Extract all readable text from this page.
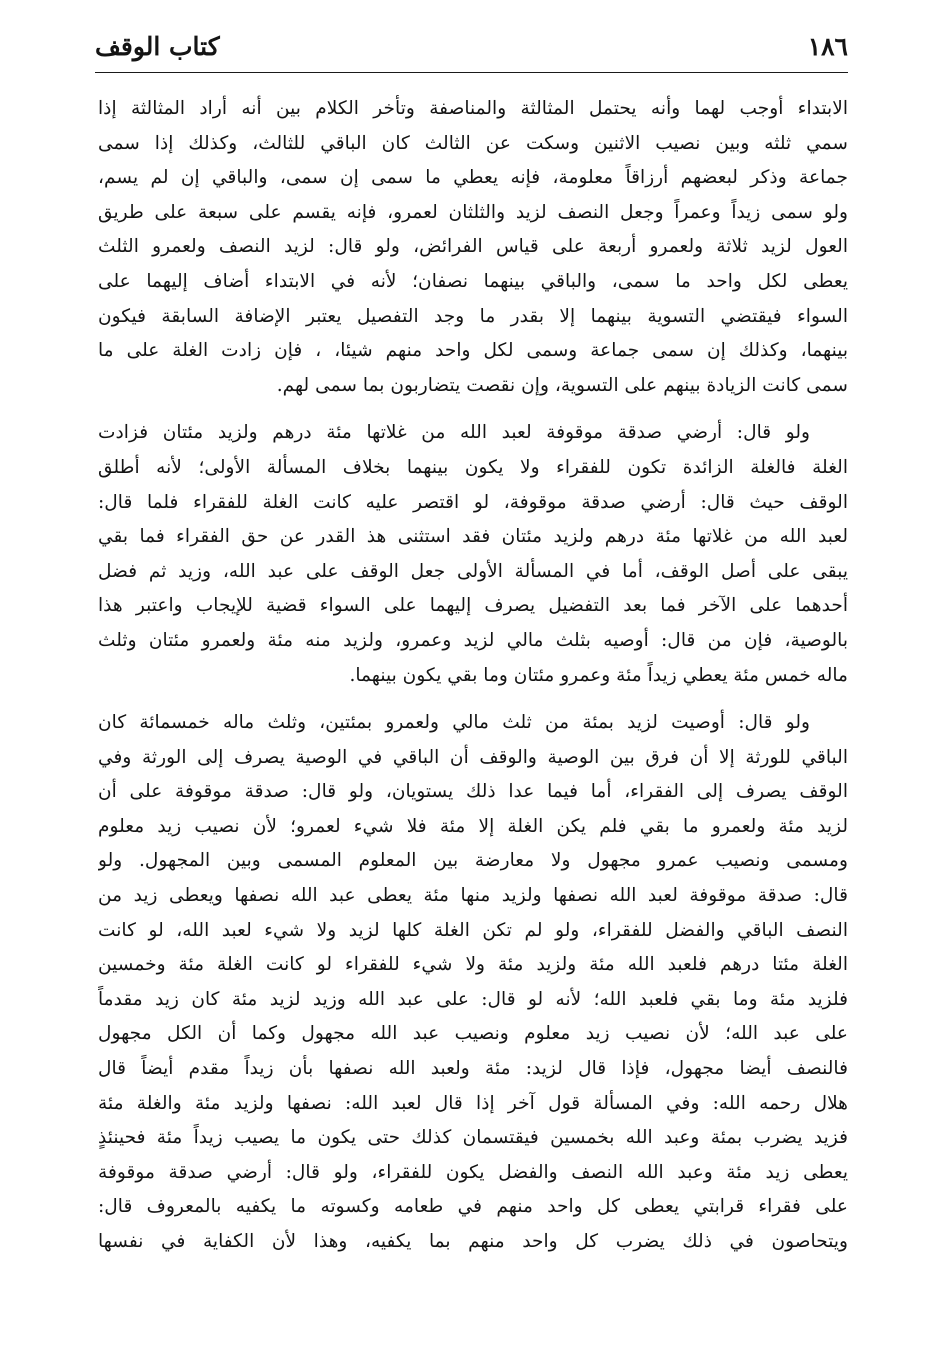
١٨٦
كتاب الوقف
الابتداء أوجب لهما وأنه يحتمل المثالثة والمناصفة وتأخر الكلام بين أنه أراد المثالثة إذا
سمي ثلثه وبين نصيب الاثنين وسكت عن الثالث كان الباقي للثالث، وكذلك إذا سمى
جماعة وذكر لبعضهم أرزاقاً معلومة، فإنه يعطي ما سمى إن سمى، والباقي إن لم يسم،
ولو سمى زيداً وعمراً وجعل النصف لزيد والثلثان لعمرو، فإنه يقسم على سبعة على طريق
العول لزيد ثلاثة ولعمرو أربعة على قياس الفرائض، ولو قال: لزيد النصف ولعمرو الثلث
يعطى لكل واحد ما سمى، والباقي بينهما نصفان؛ لأنه في الابتداء أضاف إليهما على
السواء فيقتضي التسوية بينهما إلا بقدر ما وجد التفصيل يعتبر الإضافة السابقة فيكون
بينهما، وكذلك إن سمى جماعة وسمى لكل واحد منهم شيئا، ، فإن زادت الغلة على ما
سمى كانت الزيادة بينهم على التسوية، وإن نقصت يتضاربون بما سمى لهم.
ولو قال: أرضي صدقة موقوفة لعبد الله من غلاتها مئة درهم ولزيد مئتان فزادت
الغلة فالغلة الزائدة تكون للفقراء ولا يكون بينهما بخلاف المسألة الأولى؛ لأنه أطلق
الوقف حيث قال: أرضي صدقة موقوفة، لو اقتصر عليه كانت الغلة للفقراء فلما قال:
لعبد الله من غلاتها مئة درهم ولزيد مئتان فقد استثنى هذ القدر عن حق الفقراء فما بقي
يبقى على أصل الوقف، أما في المسألة الأولى جعل الوقف على عبد الله، وزيد ثم فضل
أحدهما على الآخر فما بعد التفضيل يصرف إليهما على السواء قضية للإيجاب واعتبر هذا
بالوصية، فإن من قال: أوصيه بثلث مالي لزيد وعمرو، ولزيد منه مئة ولعمرو مئتان وثلث
ماله خمس مئة يعطي زيداً مئة وعمرو مئتان وما بقي يكون بينهما.
ولو قال: أوصيت لزيد بمئة من ثلث مالي ولعمرو بمئتين، وثلث ماله خمسمائة كان
الباقي للورثة إلا أن فرق بين الوصية والوقف أن الباقي في الوصية يصرف إلى الورثة وفي
الوقف يصرف إلى الفقراء، أما فيما عدا ذلك يستويان، ولو قال: صدقة موقوفة على أن
لزيد مئة ولعمرو ما بقي فلم يكن الغلة إلا مئة فلا شيء لعمرو؛ لأن نصيب زيد معلوم
ومسمى ونصيب عمرو مجهول ولا معارضة بين المعلوم المسمى وبين المجهول. ولو
قال: صدقة موقوفة لعبد الله نصفها ولزيد منها مئة يعطى عبد الله نصفها ويعطى زيد من
النصف الباقي والفضل للفقراء، ولو لم تكن الغلة كلها لزيد ولا شيء لعبد الله، لو كانت
الغلة مئتا درهم فلعبد الله مئة ولزيد مئة ولا شيء للفقراء لو كانت الغلة مئة وخمسين
فلزيد مئة وما بقي فلعبد الله؛ لأنه لو قال: على عبد الله وزيد لزيد مئة كان زيد مقدماً
على عبد الله؛ لأن نصيب زيد معلوم ونصيب عبد الله مجهول وكما أن الكل مجهول
فالنصف أيضا مجهول، فإذا قال لزيد: مئة ولعبد الله نصفها بأن زيداً مقدم أيضاً قال
هلال رحمه الله: وفي المسألة قول آخر إذا قال لعبد الله: نصفها ولزيد مئة والغلة مئة
فزيد يضرب بمئة وعبد الله بخمسين فيقتسمان كذلك حتى يكون ما يصيب زيداً مئة فحينئذٍ
يعطى زيد مئة وعبد الله النصف والفضل يكون للفقراء، ولو قال: أرضي صدقة موقوفة
على فقراء قرابتي يعطى كل واحد منهم في طعامه وكسوته ما يكفيه بالمعروف قال:
ويتحاصون في ذلك يضرب كل واحد منهم بما يكفيه، وهذا لأن الكفاية في نفسها
